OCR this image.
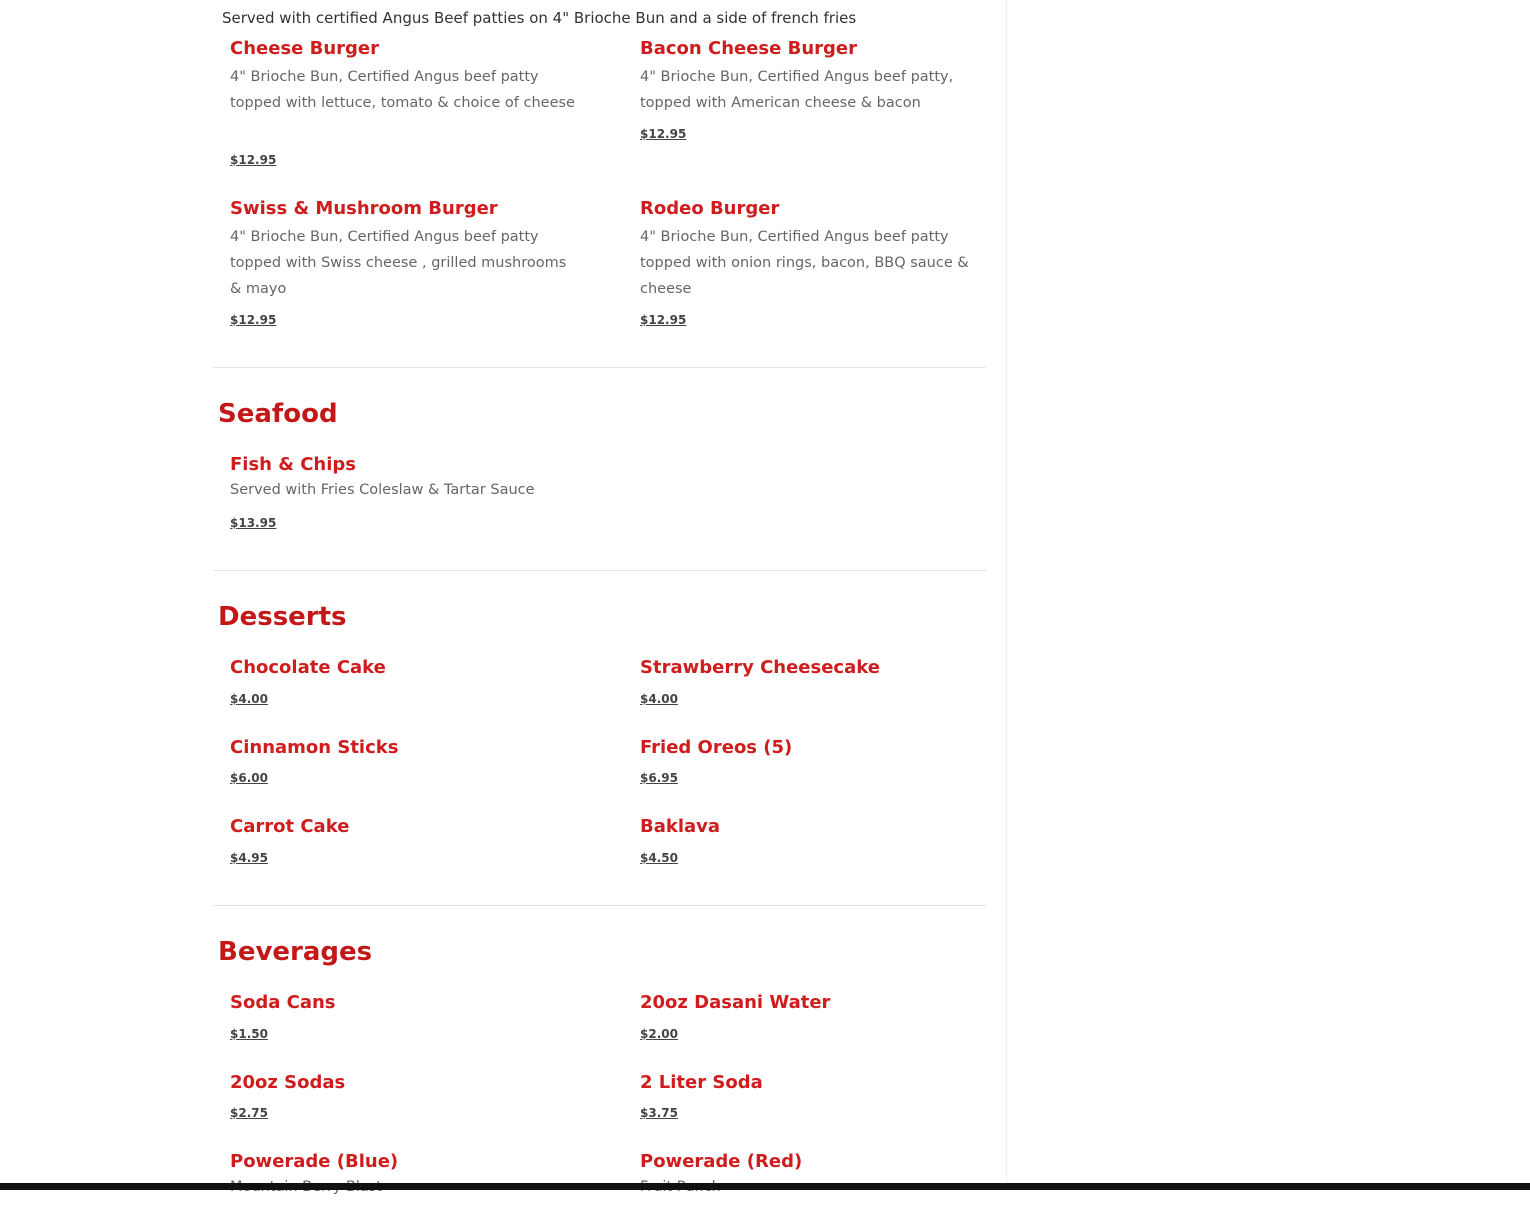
Served with certified Angus Beef patties on 4" Brioche Bun and a side of french fries

Cheese Burger

4" Brioche Bun, Certified Angus beef patty topped with lettuce, tomato & choice of cheese

$12.95
Bacon Cheese Burger

4" Brioche Bun, Certified Angus beef patty, topped with American cheese & bacon

$12.95
Swiss & Mushroom Burger

4" Brioche Bun, Certified Angus beef patty topped with Swiss cheese , grilled mushrooms & mayo

$12.95
Rodeo Burger

4" Brioche Bun, Certified Angus beef patty topped with onion rings, bacon, BBQ sauce & cheese

$12.95
Seafood
Fish & Chips

Served with Fries Coleslaw & Tartar Sauce

$13.95
Desserts
Chocolate Cake
$4.00
Strawberry Cheesecake
$4.00
Cinnamon Sticks
$6.00
Fried Oreos (5)
$6.95
Carrot Cake
$4.95
Baklava
$4.50
Beverages
Soda Cans
$1.50
20oz Dasani Water
$2.00
20oz Sodas
$2.75
2 Liter Soda
$3.75
Powerade (Blue)	Powerade (Red)
